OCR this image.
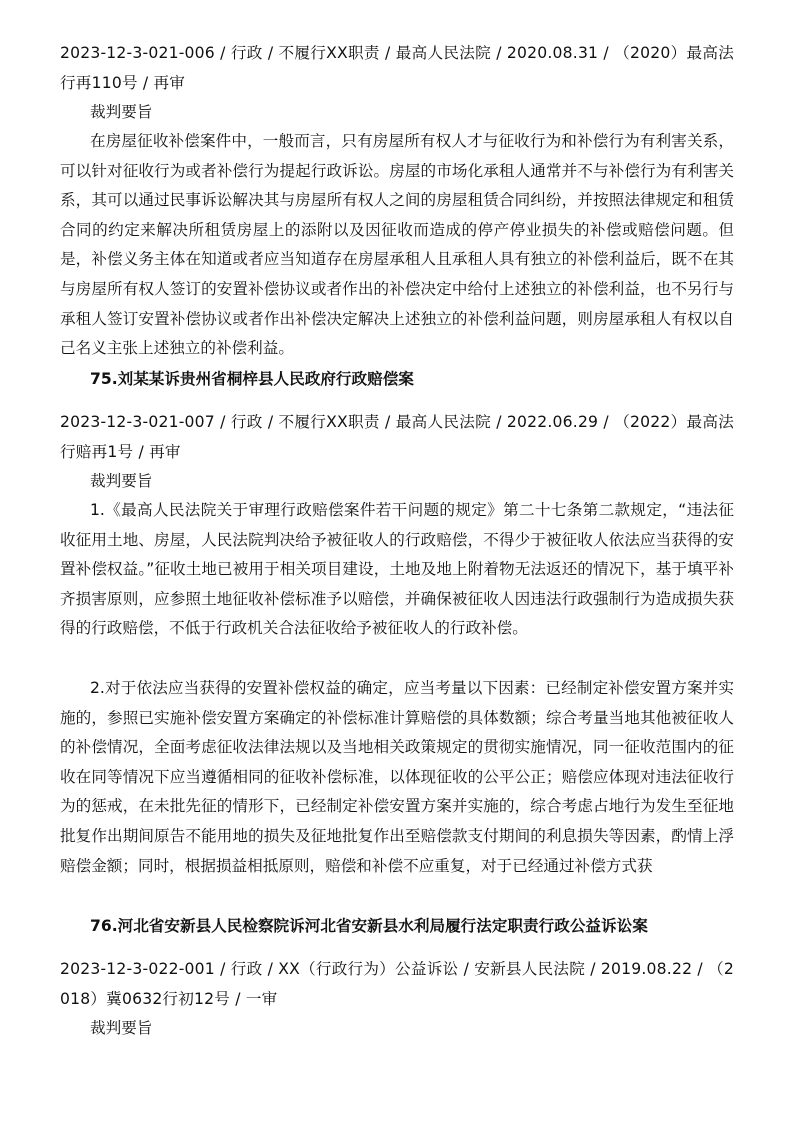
2023-12-3-021-006 / 行政 / 不履行XX职责 / 最高人民法院 / 2020.08.31 / （2020）最高法行再110号 / 再审
裁判要旨
在房屋征收补偿案件中，一般而言，只有房屋所有权人才与征收行为和补偿行为有利害关系，可以针对征收行为或者补偿行为提起行政诉讼。房屋的市场化承租人通常并不与补偿行为有利害关系，其可以通过民事诉讼解决其与房屋所有权人之间的房屋租赁合同纠纷，并按照法律规定和租赁合同的约定来解决所租赁房屋上的添附以及因征收而造成的停产停业损失的补偿或赔偿问题。但是，补偿义务主体在知道或者应当知道存在房屋承租人且承租人具有独立的补偿利益后，既不在其与房屋所有权人签订的安置补偿协议或者作出的补偿决定中给付上述独立的补偿利益，也不另行与承租人签订安置补偿协议或者作出补偿决定解决上述独立的补偿利益问题，则房屋承租人有权以自己名义主张上述独立的补偿利益。
75.刘某某诉贵州省桐梓县人民政府行政赔偿案
2023-12-3-021-007 / 行政 / 不履行XX职责 / 最高人民法院 / 2022.06.29 / （2022）最高法行赔再1号 / 再审
裁判要旨
1.《最高人民法院关于审理行政赔偿案件若干问题的规定》第二十七条第二款规定，“违法征收征用土地、房屋，人民法院判决给予被征收人的行政赔偿，不得少于被征收人依法应当获得的安置补偿权益。”征收土地已被用于相关项目建设，土地及地上附着物无法返还的情况下，基于填平补齐损害原则，应参照土地征收补偿标准予以赔偿，并确保被征收人因违法行政强制行为造成损失获得的行政赔偿，不低于行政机关合法征收给予被征收人的行政补偿。
2.对于依法应当获得的安置补偿权益的确定，应当考量以下因素：已经制定补偿安置方案并实施的，参照已实施补偿安置方案确定的补偿标准计算赔偿的具体数额；综合考量当地其他被征收人的补偿情况，全面考虑征收法律法规以及当地相关政策规定的贯彻实施情况，同一征收范围内的征收在同等情况下应当遵循相同的征收补偿标准，以体现征收的公平公正；赔偿应体现对违法征收行为的惩戒，在未批先征的情形下，已经制定补偿安置方案并实施的，综合考虑占地行为发生至征地批复作出期间原告不能用地的损失及征地批复作出至赔偿款支付期间的利息损失等因素，酌情上浮赔偿金额；同时，根据损益相抵原则，赔偿和补偿不应重复，对于已经通过补偿方式获
76.河北省安新县人民检察院诉河北省安新县水利局履行法定职责行政公益诉讼案
2023-12-3-022-001 / 行政 / XX（行政行为）公益诉讼 / 安新县人民法院 / 2019.08.22 / （2018）冀0632行初12号 / 一审
裁判要旨
